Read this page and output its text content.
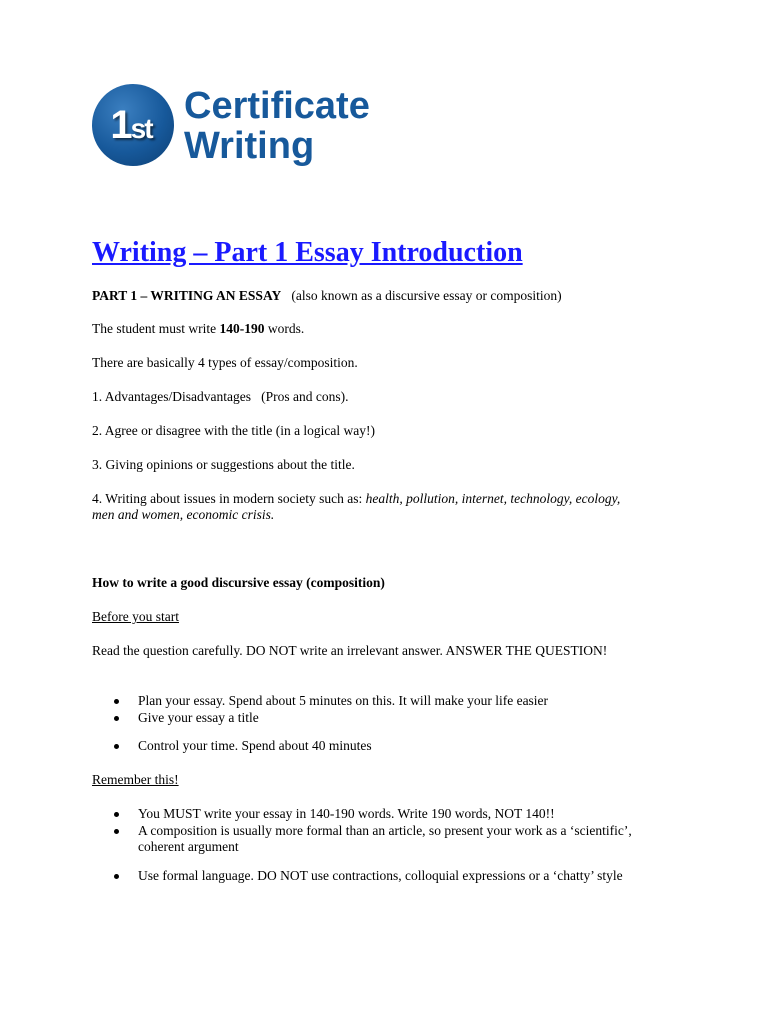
1 st
Certificate
Writing
Writing – Part 1 Essay Introduction
PART 1 – WRITING AN ESSAY (also known as a discursive essay or composition)
The student must write 140-190 words.
There are basically 4 types of essay/composition.
1. Advantages/Disadvantages   (Pros and cons).
2. Agree or disagree with the title (in a logical way!)
3. Giving opinions or suggestions about the title.
4. Writing about issues in modern society such as: health, pollution, internet, technology, ecology, men and women, economic crisis.
How to write a good discursive essay (composition)
Before you start
Read the question carefully. DO NOT write an irrelevant answer. ANSWER THE QUESTION!
Plan your essay. Spend about 5 minutes on this. It will make your life easier
Give your essay a title
Control your time. Spend about 40 minutes
Remember this!
You MUST write your essay in 140-190 words. Write 190 words, NOT 140!!
A composition is usually more formal than an article, so present your work as a ‘scientific’, coherent argument
Use formal language. DO NOT use contractions, colloquial expressions or a ‘chatty’ style
